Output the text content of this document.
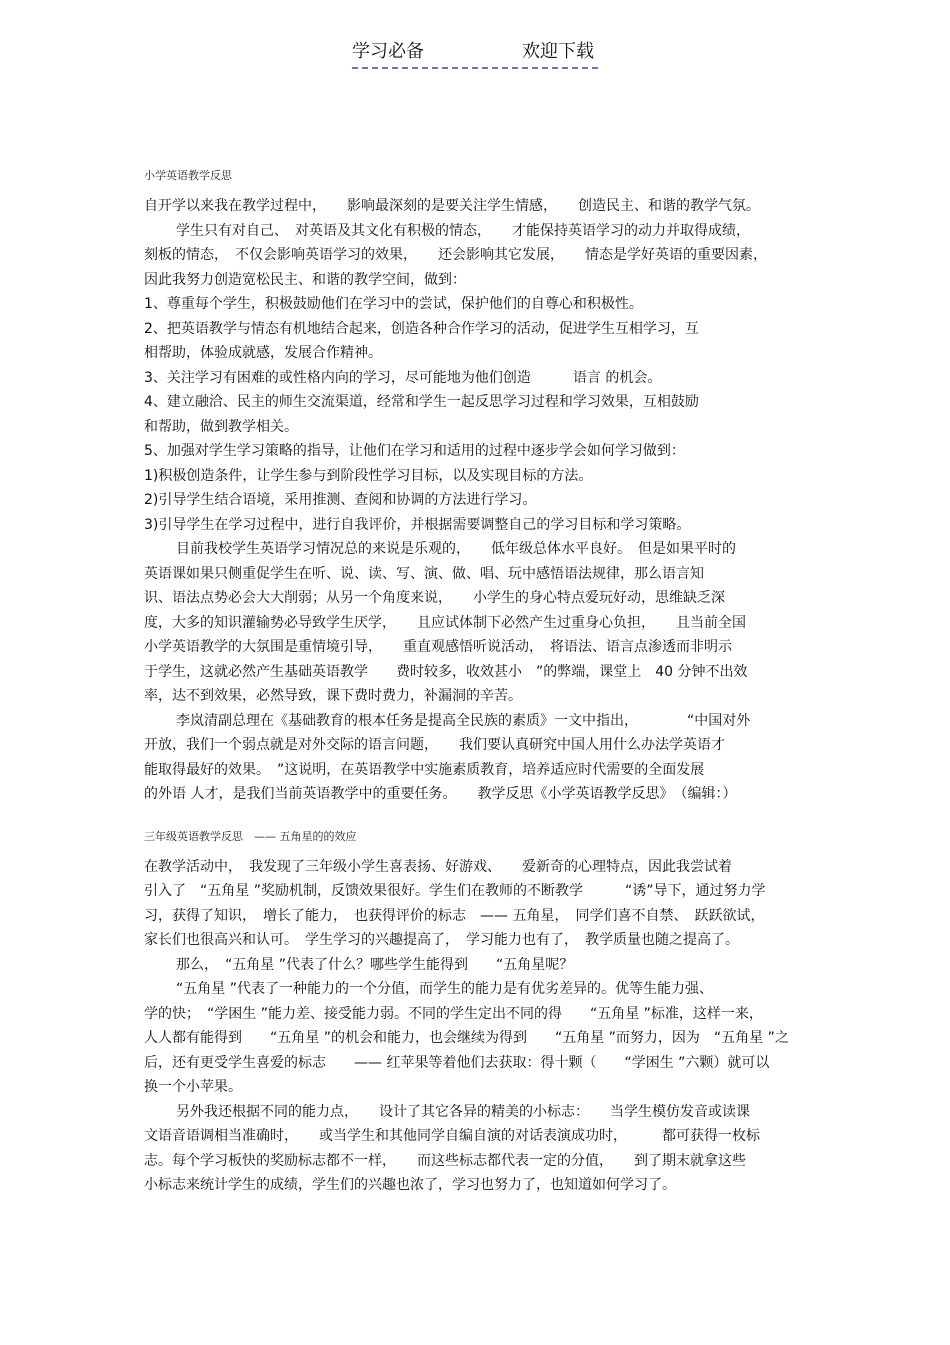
学习必备	欢迎下载
小学英语教学反思
自开学以来我在教学过程中，　　影响最深刻的是要关注学生情感，　　创造民主、和谐的教学气氛。
学生只有对自己、　对英语及其文化有积极的情态，　　才能保持英语学习的动力并取得成绩，
刻板的情态，　不仅会影响英语学习的效果，　　还会影响其它发展，　　情态是学好英语的重要因素，
因此我努力创造宽松民主、和谐的教学空间，做到：
1、尊重每个学生，积极鼓励他们在学习中的尝试，保护他们的自尊心和积极性。
2、把英语教学与情态有机地结合起来，创造各种合作学习的活动，促进学生互相学习，互
相帮助，体验成就感，发展合作精神。
3、关注学习有困难的或性格内向的学习，尽可能地为他们创造　　　语言 的机会。
4、建立融洽、民主的师生交流渠道，经常和学生一起反思学习过程和学习效果，互相鼓励
和帮助，做到教学相关。
5、加强对学生学习策略的指导，让他们在学习和适用的过程中逐步学会如何学习做到：
1)积极创造条件，让学生参与到阶段性学习目标，以及实现目标的方法。
2)引导学生结合语境，采用推测、查阅和协调的方法进行学习。
3)引导学生在学习过程中，进行自我评价，并根据需要调整自己的学习目标和学习策略。
目前我校学生英语学习情况总的来说是乐观的，　　低年级总体水平良好。　但是如果平时的
英语课如果只侧重促学生在听、说、读、写、演、做、唱、玩中感悟语法规律，那么语言知
识、语法点势必会大大削弱；从另一个角度来说，　　小学生的身心特点爱玩好动，思维缺乏深
度，大多的知识灌输势必导致学生厌学，　　且应试体制下必然产生过重身心负担，　　且当前全国
小学英语教学的大氛围是重情境引导，　　重直观感悟听说活动，　将语法、语言点渗透而非明示
于学生，这就必然产生基础英语教学　　费时较多，收效甚小　”的弊端，课堂上　40 分钟不出效
率，达不到效果，必然导致，课下费时费力，补漏洞的辛苦。
李岚清副总理在《基础教育的根本任务是提高全民族的素质》一文中指出，　　　　“中国对外
开放，我们一个弱点就是对外交际的语言问题，　　我们要认真研究中国人用什么办法学英语才
能取得最好的效果。　”这说明，在英语教学中实施素质教育，培养适应时代需要的全面发展
的外语 人才，是我们当前英语教学中的重要任务。　　教学反思《小学英语教学反思》　（编辑：）
三年级英语教学反思　—— 五角星的的效应
在教学活动中，　我发现了三年级小学生喜表扬、好游戏、　　爱新奇的心理特点，因此我尝试着
引入了　“五角星 ”奖励机制，反馈效果很好。学生们在教师的不断教学　　　“诱”导下，通过努力学
习，获得了知识，　增长了能力，　也获得评价的标志　—— 五角星，　同学们喜不自禁、　跃跃欲试，
家长们也很高兴和认可。　学生学习的兴趣提高了，　学习能力也有了，　教学质量也随之提高了。
那么，　“五角星 ”代表了什么？哪些学生能得到　　“五角星呢？
“五角星 ”代表了一种能力的一个分值，而学生的能力是有优劣差异的。优等生能力强、
学的快；　“学困生 ”能力差、接受能力弱。不同的学生定出不同的得　　“五角星 ”标准，这样一来，
人人都有能得到　　“五角星 ”的机会和能力，也会继续为得到　　“五角星 ”而努力，因为　“五角星 ”之
后，还有更受学生喜爱的标志　　—— 红苹果等着他们去获取：得十颗（　　“学困生 ”六颗）就可以
换一个小苹果。
另外我还根据不同的能力点，　　设计了其它各异的精美的小标志：　　当学生模仿发音或读课
文语音语调相当准确时，　　或当学生和其他同学自编自演的对话表演成功时，　　　都可获得一枚标
志。每个学习板快的奖励标志都不一样，　　而这些标志都代表一定的分值，　　到了期末就拿这些
小标志来统计学生的成绩，学生们的兴趣也浓了，学习也努力了，也知道如何学习了。
